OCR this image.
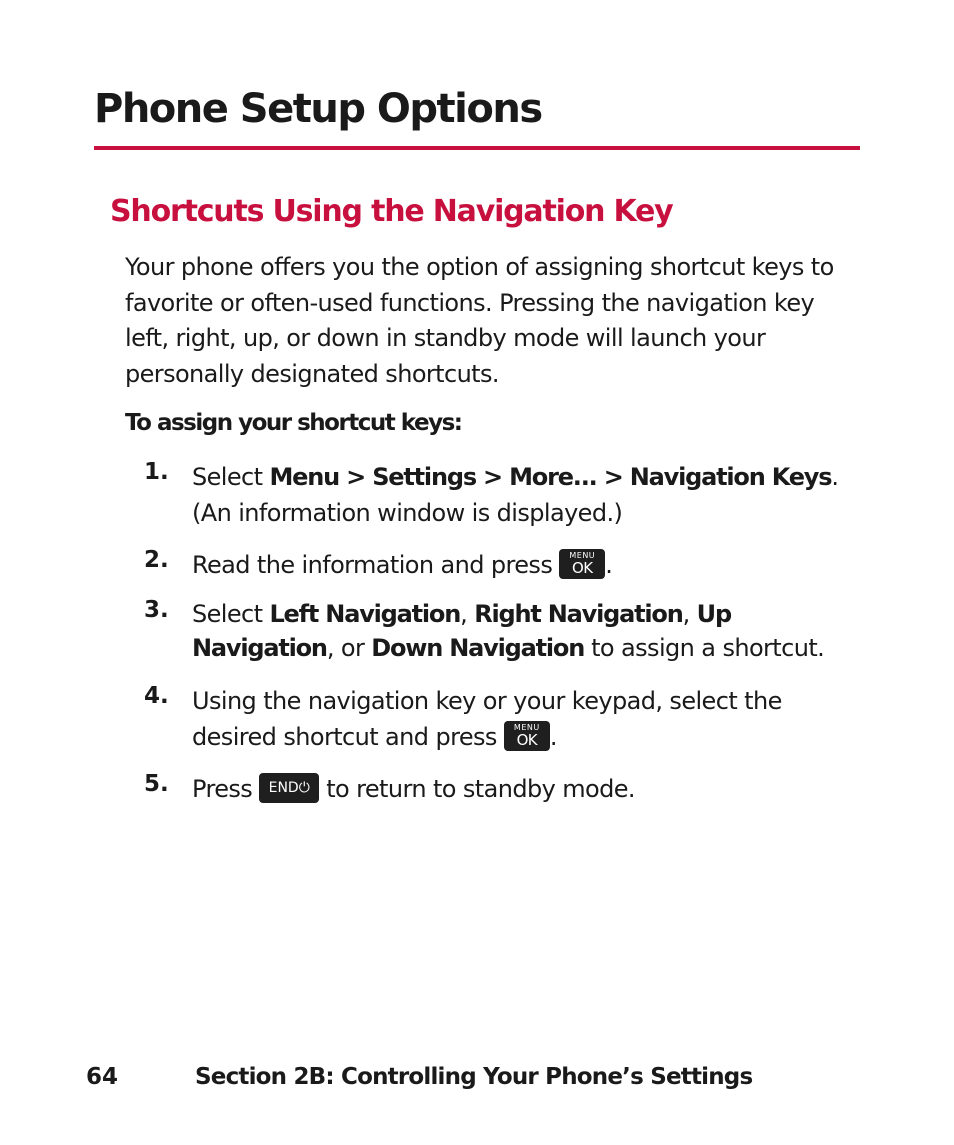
Phone Setup Options
Shortcuts Using the Navigation Key

Your phone offers you the option of assigning shortcut keys to favorite or often-used functions. Pressing the navigation key left, right, up, or down in standby mode will launch your personally designated shortcuts.

To assign your shortcut keys:

1. Select Menu > Settings > More... > Navigation Keys. (An information window is displayed.)
2. Read the information and press	MENU
OK .
3. Select Left Navigation, Right Navigation, Up Navigation, or Down Navigation to assign a shortcut.
4. Using the navigation key or your keypad, select the desired shortcut and press	MENU
OK .
5. Press END⏻ to return to standby mode.
64	Section 2B: Controlling Your Phone’s Settings
